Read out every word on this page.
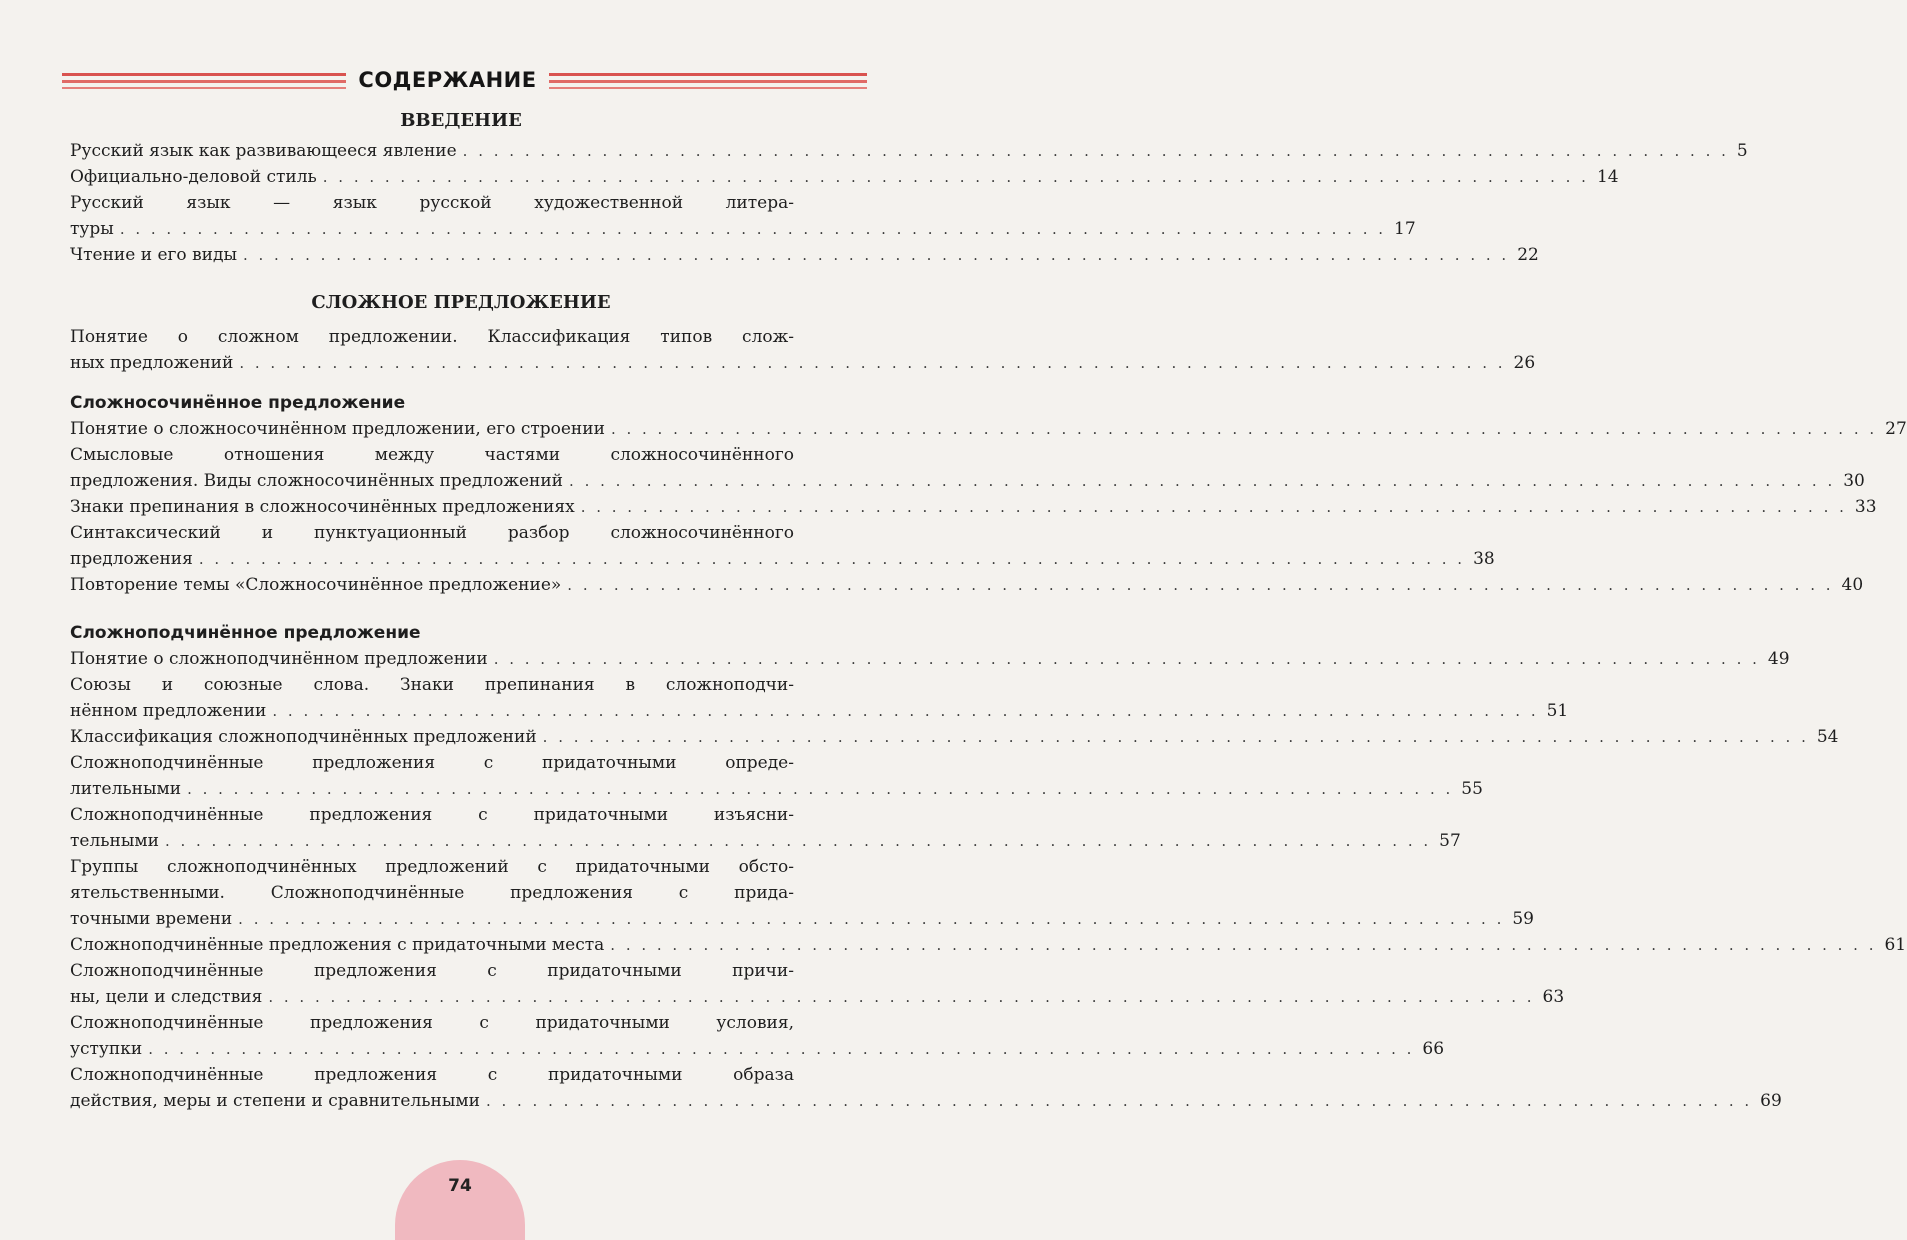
СОДЕРЖАНИЕ
ВВЕДЕНИЕ
Русский язык как развивающееся явление . . . . . . . . . . . . . . . . . . . . . . . . . . . . . . . . . . . . . . . . . . . . . . . . . . . . . . . . . . . . . . . . . . . . . . . . . . . . . . . . . . 5
Официально-деловой стиль . . . . . . . . . . . . . . . . . . . . . . . . . . . . . . . . . . . . . . . . . . . . . . . . . . . . . . . . . . . . . . . . . . . . . . . . . . . . . . . . . . 14
Русский язык — язык русской художественной литера-
туры . . . . . . . . . . . . . . . . . . . . . . . . . . . . . . . . . . . . . . . . . . . . . . . . . . . . . . . . . . . . . . . . . . . . . . . . . . . . . . . . . . 17
Чтение и его виды . . . . . . . . . . . . . . . . . . . . . . . . . . . . . . . . . . . . . . . . . . . . . . . . . . . . . . . . . . . . . . . . . . . . . . . . . . . . . . . . . . 22
СЛОЖНОЕ ПРЕДЛОЖЕНИЕ
Понятие о сложном предложении. Классификация типов слож-
ных предложений . . . . . . . . . . . . . . . . . . . . . . . . . . . . . . . . . . . . . . . . . . . . . . . . . . . . . . . . . . . . . . . . . . . . . . . . . . . . . . . . . . 26
Сложносочинённое предложение
Понятие о сложносочинённом предложении, его строении . . . . . . . . . . . . . . . . . . . . . . . . . . . . . . . . . . . . . . . . . . . . . . . . . . . . . . . . . . . . . . . . . . . . . . . . . . . . . . . . . . 27
Смысловые отношения между частями сложносочинённого
предложения. Виды сложносочинённых предложений . . . . . . . . . . . . . . . . . . . . . . . . . . . . . . . . . . . . . . . . . . . . . . . . . . . . . . . . . . . . . . . . . . . . . . . . . . . . . . . . . . 30
Знаки препинания в сложносочинённых предложениях . . . . . . . . . . . . . . . . . . . . . . . . . . . . . . . . . . . . . . . . . . . . . . . . . . . . . . . . . . . . . . . . . . . . . . . . . . . . . . . . . . 33
Синтаксический и пунктуационный разбор сложносочинённого
предложения . . . . . . . . . . . . . . . . . . . . . . . . . . . . . . . . . . . . . . . . . . . . . . . . . . . . . . . . . . . . . . . . . . . . . . . . . . . . . . . . . . 38
Повторение темы «Сложносочинённое предложение» . . . . . . . . . . . . . . . . . . . . . . . . . . . . . . . . . . . . . . . . . . . . . . . . . . . . . . . . . . . . . . . . . . . . . . . . . . . . . . . . . . 40
Сложноподчинённое предложение
Понятие о сложноподчинённом предложении . . . . . . . . . . . . . . . . . . . . . . . . . . . . . . . . . . . . . . . . . . . . . . . . . . . . . . . . . . . . . . . . . . . . . . . . . . . . . . . . . . 49
Союзы и союзные слова. Знаки препинания в сложноподчи-
нённом предложении . . . . . . . . . . . . . . . . . . . . . . . . . . . . . . . . . . . . . . . . . . . . . . . . . . . . . . . . . . . . . . . . . . . . . . . . . . . . . . . . . . 51
Классификация сложноподчинённых предложений . . . . . . . . . . . . . . . . . . . . . . . . . . . . . . . . . . . . . . . . . . . . . . . . . . . . . . . . . . . . . . . . . . . . . . . . . . . . . . . . . . 54
Сложноподчинённые предложения с придаточными опреде-
лительными . . . . . . . . . . . . . . . . . . . . . . . . . . . . . . . . . . . . . . . . . . . . . . . . . . . . . . . . . . . . . . . . . . . . . . . . . . . . . . . . . . 55
Сложноподчинённые предложения с придаточными изъясни-
тельными . . . . . . . . . . . . . . . . . . . . . . . . . . . . . . . . . . . . . . . . . . . . . . . . . . . . . . . . . . . . . . . . . . . . . . . . . . . . . . . . . . 57
Группы сложноподчинённых предложений с придаточными обсто-
ятельственными. Сложноподчинённые предложения с прида-
точными времени . . . . . . . . . . . . . . . . . . . . . . . . . . . . . . . . . . . . . . . . . . . . . . . . . . . . . . . . . . . . . . . . . . . . . . . . . . . . . . . . . . 59
Сложноподчинённые предложения с придаточными места . . . . . . . . . . . . . . . . . . . . . . . . . . . . . . . . . . . . . . . . . . . . . . . . . . . . . . . . . . . . . . . . . . . . . . . . . . . . . . . . . . 61
Сложноподчинённые предложения с придаточными причи-
ны, цели и следствия . . . . . . . . . . . . . . . . . . . . . . . . . . . . . . . . . . . . . . . . . . . . . . . . . . . . . . . . . . . . . . . . . . . . . . . . . . . . . . . . . . 63
Сложноподчинённые предложения с придаточными условия,
уступки . . . . . . . . . . . . . . . . . . . . . . . . . . . . . . . . . . . . . . . . . . . . . . . . . . . . . . . . . . . . . . . . . . . . . . . . . . . . . . . . . . 66
Сложноподчинённые предложения с придаточными образа
действия, меры и степени и сравнительными . . . . . . . . . . . . . . . . . . . . . . . . . . . . . . . . . . . . . . . . . . . . . . . . . . . . . . . . . . . . . . . . . . . . . . . . . . . . . . . . . . 69
74
